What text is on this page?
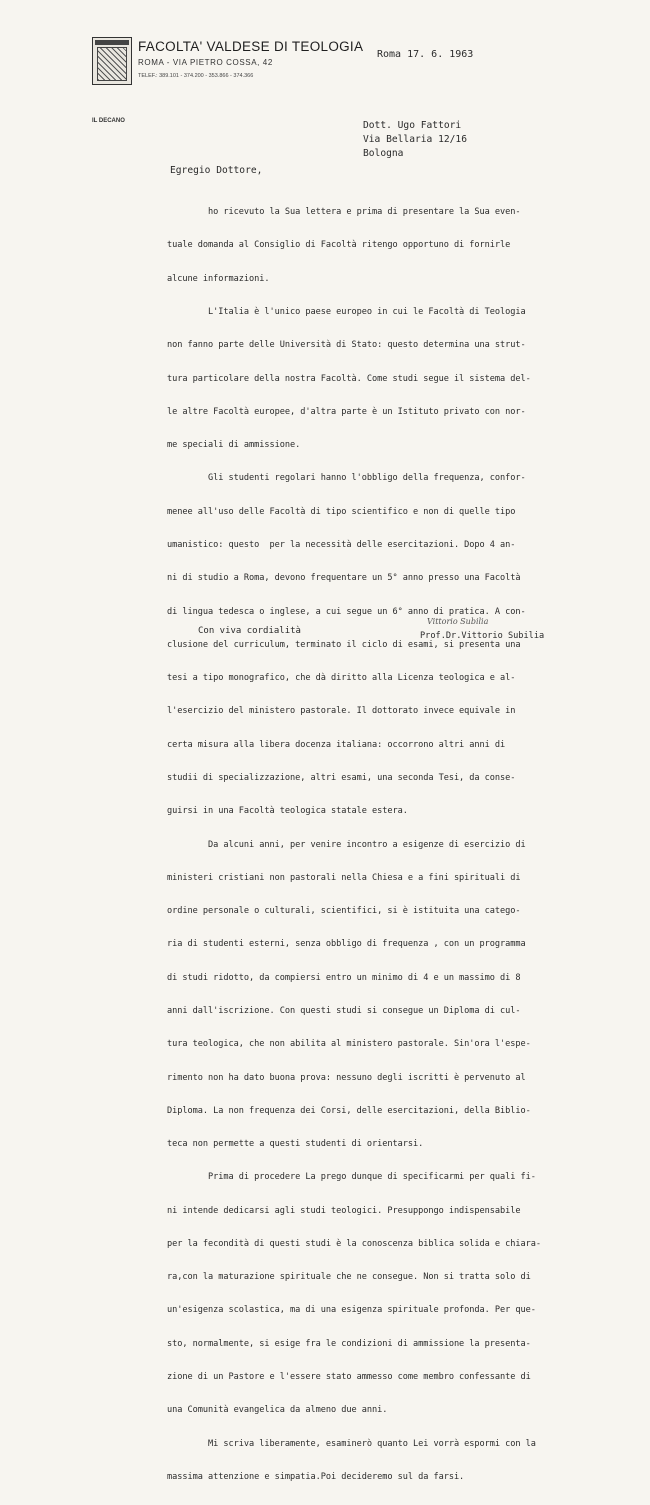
FACOLTA' VALDESE DI TEOLOGIA
ROMA - VIA PIETRO COSSA, 42
TELEF.: 389.101 - 374.200 - 353.866 - 374.366
IL DECANO
Roma 17. 6. 1963
Dott. Ugo Fattori
Via Bellaria 12/16
Bologna
Egregio Dottore,

ho ricevuto la Sua lettera e prima di presentare la Sua even-

tuale domanda al Consiglio di Facoltà ritengo opportuno di fornirle

alcune informazioni.

L'Italia è l'unico paese europeo in cui le Facoltà di Teologia

non fanno parte delle Università di Stato: questo determina una strut-

tura particolare della nostra Facoltà. Come studi segue il sistema del-

le altre Facoltà europee, d'altra parte è un Istituto privato con nor-

me speciali di ammissione.

Gli studenti regolari hanno l'obbligo della frequenza, confor-

menee all'uso delle Facoltà di tipo scientifico e non di quelle tipo

umanistico: questo  per la necessità delle esercitazioni. Dopo 4 an-

ni di studio a Roma, devono frequentare un 5° anno presso una Facoltà

di lingua tedesca o inglese, a cui segue un 6° anno di pratica. A con-

clusione del curriculum, terminato il ciclo di esami, si presenta una

tesi a tipo monografico, che dà diritto alla Licenza teologica e al-

l'esercizio del ministero pastorale. Il dottorato invece equivale in

certa misura alla libera docenza italiana: occorrono altri anni di

studii di specializzazione, altri esami, una seconda Tesi, da conse-

guirsi in una Facoltà teologica statale estera.

Da alcuni anni, per venire incontro a esigenze di esercizio di

ministeri cristiani non pastorali nella Chiesa e a fini spirituali di

ordine personale o culturali, scientifici, si è istituita una catego-

ria di studenti esterni, senza obbligo di frequenza , con un programma

di studi ridotto, da compiersi entro un minimo di 4 e un massimo di 8

anni dall'iscrizione. Con questi studi si consegue un Diploma di cul-

tura teologica, che non abilita al ministero pastorale. Sin'ora l'espe-

rimento non ha dato buona prova: nessuno degli iscritti è pervenuto al

Diploma. La non frequenza dei Corsi, delle esercitazioni, della Biblio-

teca non permette a questi studenti di orientarsi.

Prima di procedere La prego dunque di specificarmi per quali fi-

ni intende dedicarsi agli studi teologici. Presuppongo indispensabile

per la fecondità di questi studi è la conoscenza biblica solida e chiara-

ra,con la maturazione spirituale che ne consegue. Non si tratta solo di

un'esigenza scolastica, ma di una esigenza spirituale profonda. Per que-

sto, normalmente, si esige fra le condizioni di ammissione la presenta-

zione di un Pastore e l'essere stato ammesso come membro confessante di

una Comunità evangelica da almeno due anni.

Mi scriva liberamente, esaminerò quanto Lei vorrà espormi con la

massima attenzione e simpatia.Poi decideremo sul da farsi.

Con viva cordialità
Vittorio Subilia
Prof.Dr.Vittorio Subilia
